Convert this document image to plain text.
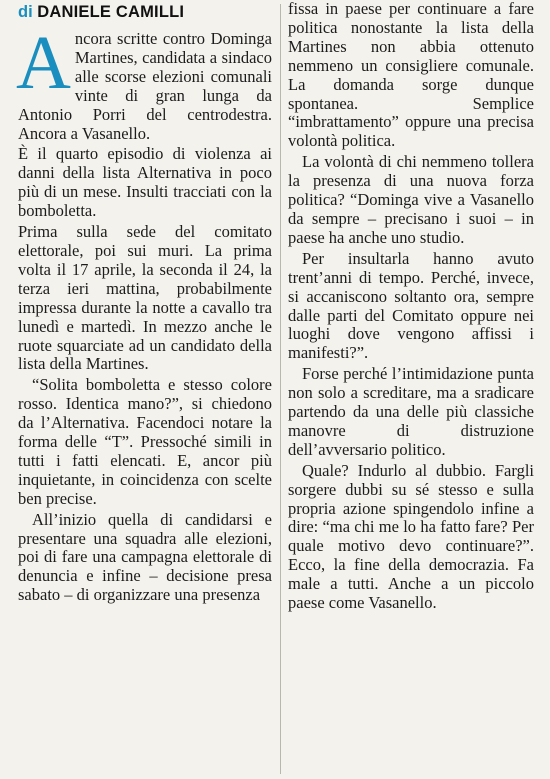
di DANIELE CAMILLI

Ancora scritte contro Dominga Martines, candidata a sindaco alle scorse elezioni comunali vinte di gran lunga da Antonio Porri del centrodestra. Ancora a Vasanello.

È il quarto episodio di violenza ai danni della lista Alternativa in poco più di un mese. Insulti tracciati con la bomboletta.

Prima sulla sede del comitato elettorale, poi sui muri. La prima volta il 17 aprile, la seconda il 24, la terza ieri mattina, probabilmente impressa durante la notte a cavallo tra lunedì e martedì. In mezzo anche le ruote squarciate ad un candidato della lista della Martines.

“Solita bomboletta e stesso colore rosso. Identica mano?”, si chiedono da l’Alternativa. Facendoci notare la forma delle “T”. Pressoché simili in tutti i fatti elencati. E, ancor più inquietante, in coincidenza con scelte ben precise.

All’inizio quella di candidarsi e presentare una squadra alle elezioni, poi di fare una campagna elettorale di denuncia e infine – decisione presa sabato – di organizzare una presenza

fissa in paese per continuare a fare politica nonostante la lista della Martines non abbia ottenuto nemmeno un consigliere comunale. La domanda sorge dunque spontanea. Semplice “imbrattamento” oppure una precisa volontà politica.

La volontà di chi nemmeno tollera la presenza di una nuova forza politica? “Dominga vive a Vasanello da sempre – precisano i suoi – in paese ha anche uno studio.

Per insultarla hanno avuto trent’anni di tempo. Perché, invece, si accaniscono soltanto ora, sempre dalle parti del Comitato oppure nei luoghi dove vengono affissi i manifesti?”.

Forse perché l’intimidazione punta non solo a screditare, ma a sradicare partendo da una delle più classiche manovre di distruzione dell’avversario politico.

Quale? Indurlo al dubbio. Fargli sorgere dubbi su sé stesso e sulla propria azione spingendolo infine a dire: “ma chi me lo ha fatto fare? Per quale motivo devo continuare?”. Ecco, la fine della democrazia. Fa male a tutti. Anche a un piccolo paese come Vasanello.
